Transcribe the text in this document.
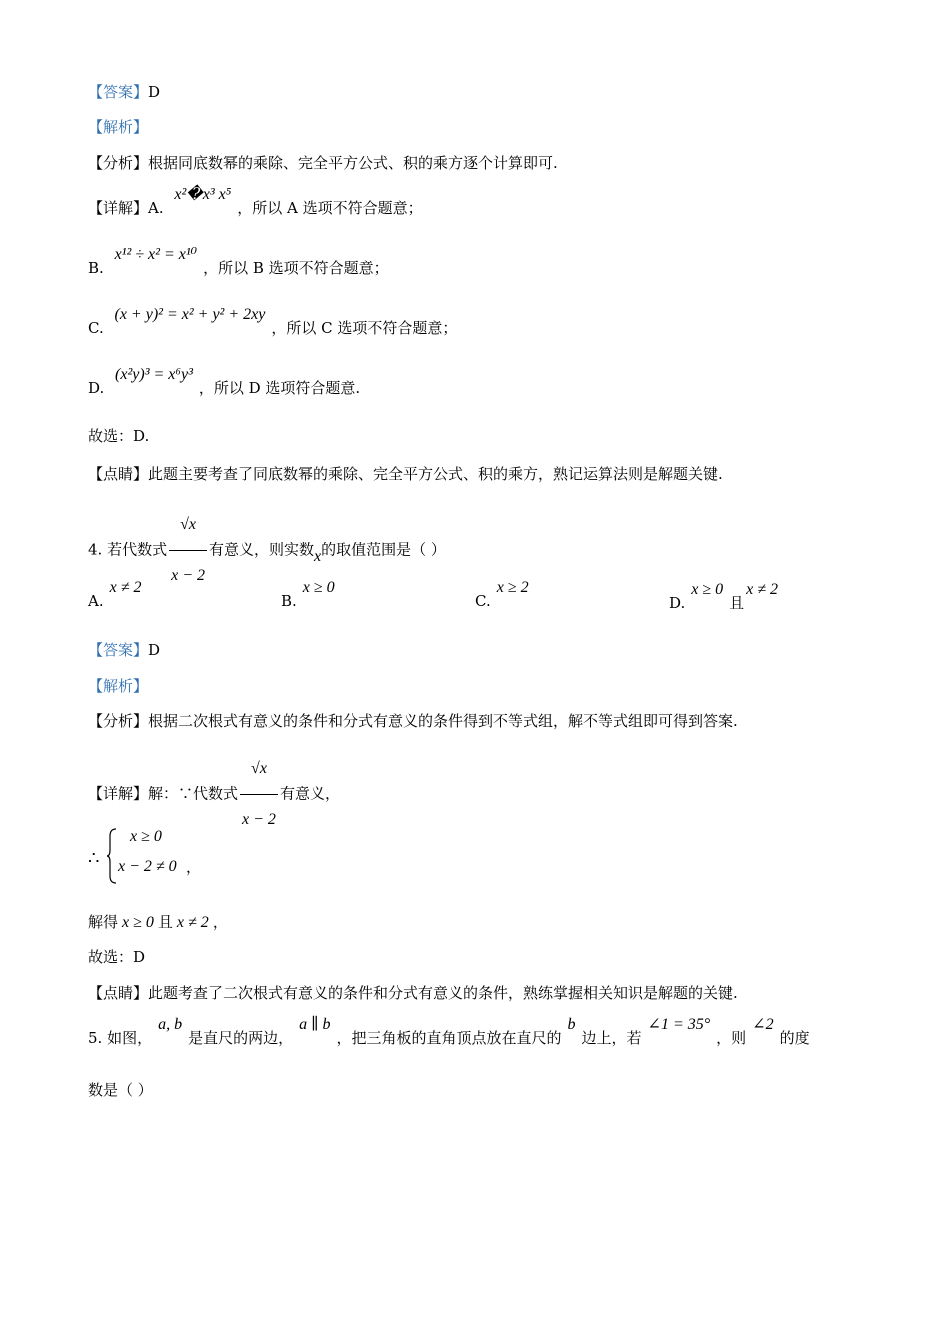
【答案】D
【解析】
【分析】根据同底数幂的乘除、完全平方公式、积的乘方逐个计算即可.
【详解】A. x²�x³ x⁵，所以 A 选项不符合题意；
B. x¹² ÷ x² = x¹⁰，所以 B 选项不符合题意；
C. (x + y)² = x² + y² + 2xy，所以 C 选项不符合题意；
D. (x²y)³ = x⁶y³，所以 D 选项符合题意.
故选：D.
【点睛】此题主要考查了同底数幂的乘除、完全平方公式、积的乘方，熟记运算法则是解题关键.
4. 若代数式 $\frac{√x}{x - 2}$ 有意义，则实数x的取值范围是（ ）
A.x ≠ 2
B.x ≥ 0
C.x ≥ 2
D.x ≥ 0且x ≠ 2
【答案】D
【解析】
【分析】根据二次根式有意义的条件和分式有意义的条件得到不等式组，解不等式组即可得到答案.
【详解】解：∵代数式 $\frac{√x}{x - 2}$ 有意义，
∴
x ≥ 0
x − 2 ≠ 0 ，
解得 x ≥ 0 且 x ≠ 2 ，
故选：D
【点睛】此题考查了二次根式有意义的条件和分式有意义的条件，熟练掌握相关知识是解题的关键.
5. 如图，a, b是直尺的两边，a ∥ b，把三角板的直角顶点放在直尺的b边上，若∠1 = 35°，则∠2的度
数是（ ）
